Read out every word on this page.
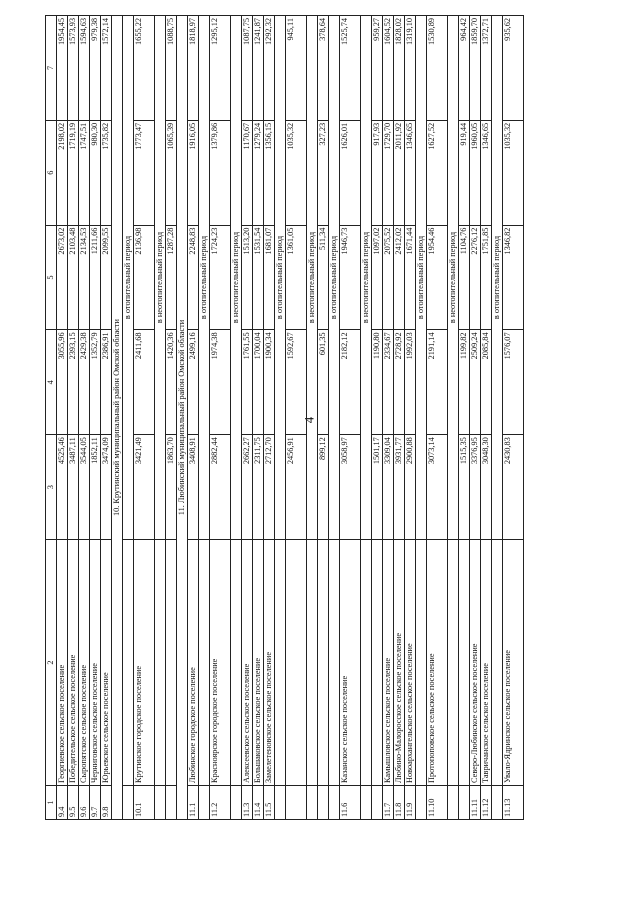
4
1	2	3	4	5	6	7
9.4	Георгиевское сельское поселение	4525,46	3055,96	2673,02	2198,02	1954,45
9.5	Победительское сельское поселение	3487,11	2393,15	2103,48	1719,19	1573,93
9.6	Сыропятское сельское поселение	3544,05	2429,38	2134,53	1747,51	1594,63
9.7	Черниговское сельское поселение	1852,11	1352,79	1211,66	980,30	979,38
9.8	Юрьевское сельское поселение	3474,09	2386,91	2099,55	1735,82	1572,14
10. Крутинский муниципальный район Омской области						
		в отопительный период				
10.1	Крутинское городское поселение	3421,49	2411,68	2136,98	1773,47	1655,22
		в неотопительный период				
		1863,70	1420,36	1287,28	1065,39	1088,75
11. Любинский муниципальный район Омской области						
11.1	Любинское городское поселение	3408,91	2499,16	2248,83	1916,05	1818,97
		в отопительный период				
11.2	Красноярское городское поселение	2882,44	1974,38	1724,23	1379,86	1295,12
		в неотопительный период				
11.3	Алексеевское сельское поселение	2662,27	1761,55	1513,20	1170,67	1087,75
11.4	Большаковское сельское поселение	2311,75	1700,04	1531,54	1279,24	1241,87
11.5	Замелетеновское сельское поселение	2712,70	1900,34	1681,07	1356,15	1292,32
		в отопительный период				
		2456,91	1592,67	1361,05	1035,32	945,11
		в неотопительный период				
		899,12	601,35	511,34	327,23	378,64
		в отопительный период				
11.6	Казанское сельское поселение	3058,97	2182,12	1946,73	1626,01	1525,74
		в неотопительный период				
		1501,17	1190,80	1097,02	917,93	959,27
11.7	Камышловское сельское поселение	3309,04	2334,67	2075,52	1729,70	1604,52
11.8	Любино-Малоросское сельское поселение	3931,77	2728,92	2412,02	2011,92	1828,02
11.9	Новоархангельское сельское поселение	2900,88	1992,03	1671,44	1346,65	1319,10
		в отопительный период				
11.10	Протопоповское сельское поселение	3073,14	2191,14	1954,46	1627,52	1530,89
		в неотопительный период				
		1515,35	1199,82	1104,76	919,44	964,42
11.11	Северо-Любинское сельское поселение	3376,95	2509,24	2276,12	1960,05	1859,70
11.12	Тавричанское сельское поселение	3048,30	2085,84	1751,85	1346,65	1372,71
		в отопительный период				
11.13	Увало-Ядринское сельское поселение	2430,83	1576,07	1346,82	1035,32	935,62
